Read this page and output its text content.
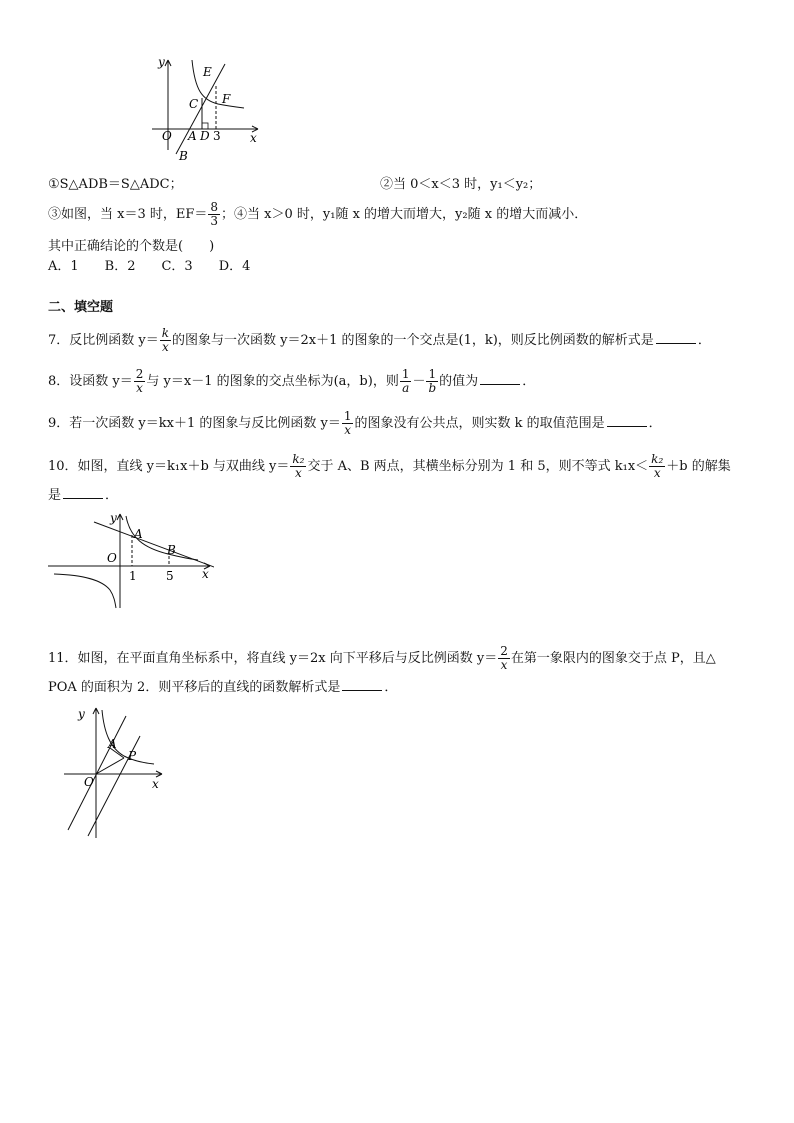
y
x
E
F
C
O A D 3
B
①S△ADB＝S△ADC；	②当 0＜x＜3 时，y₁＜y₂；
③如图，当 x＝3 时，$EF= \frac{8}{3}$ ；④当 x＞0 时，y₁随 x 的增大而增大，y₂随 x 的增大而减小．
其中正确结论的个数是(　　)
A．1　　B．2　　C．3　　D．4
二、填空题
7．反比例函数 $y= \frac{k}{x}$ 的图象与一次函数 y＝2x＋1 的图象的一个交点是(1，k)，则反比例函数的解析式是	．
8．设函数 $y= \frac{2}{x}$ 与 y＝x－1 的图象的交点坐标为(a，b)，则 $\frac{1}{a} - \frac{1}{b}$ 的值为	．
9．若一次函数 y＝kx＋1 的图象与反比例函数 $y= \frac{1}{x}$ 的图象没有公共点，则实数 k 的取值范围是	．
10．如图，直线 y＝k₁x＋b 与双曲线 $y= \frac{\text{k₂}}{x}$ 交于 A、B 两点，其横坐标分别为 1 和 5，则不等式 $k_1x< \frac{\text{k₂}}{x} +b$ 的解集
是	．
y
A
B
O
1 5 x
11．如图，在平面直角坐标系中，将直线 y＝2x 向下平移后与反比例函数 $y= \frac{2}{x}$ 在第一象限内的图象交于点 P，且△
POA 的面积为 2．则平移后的直线的函数解析式是	．
y
A
P
O	x
